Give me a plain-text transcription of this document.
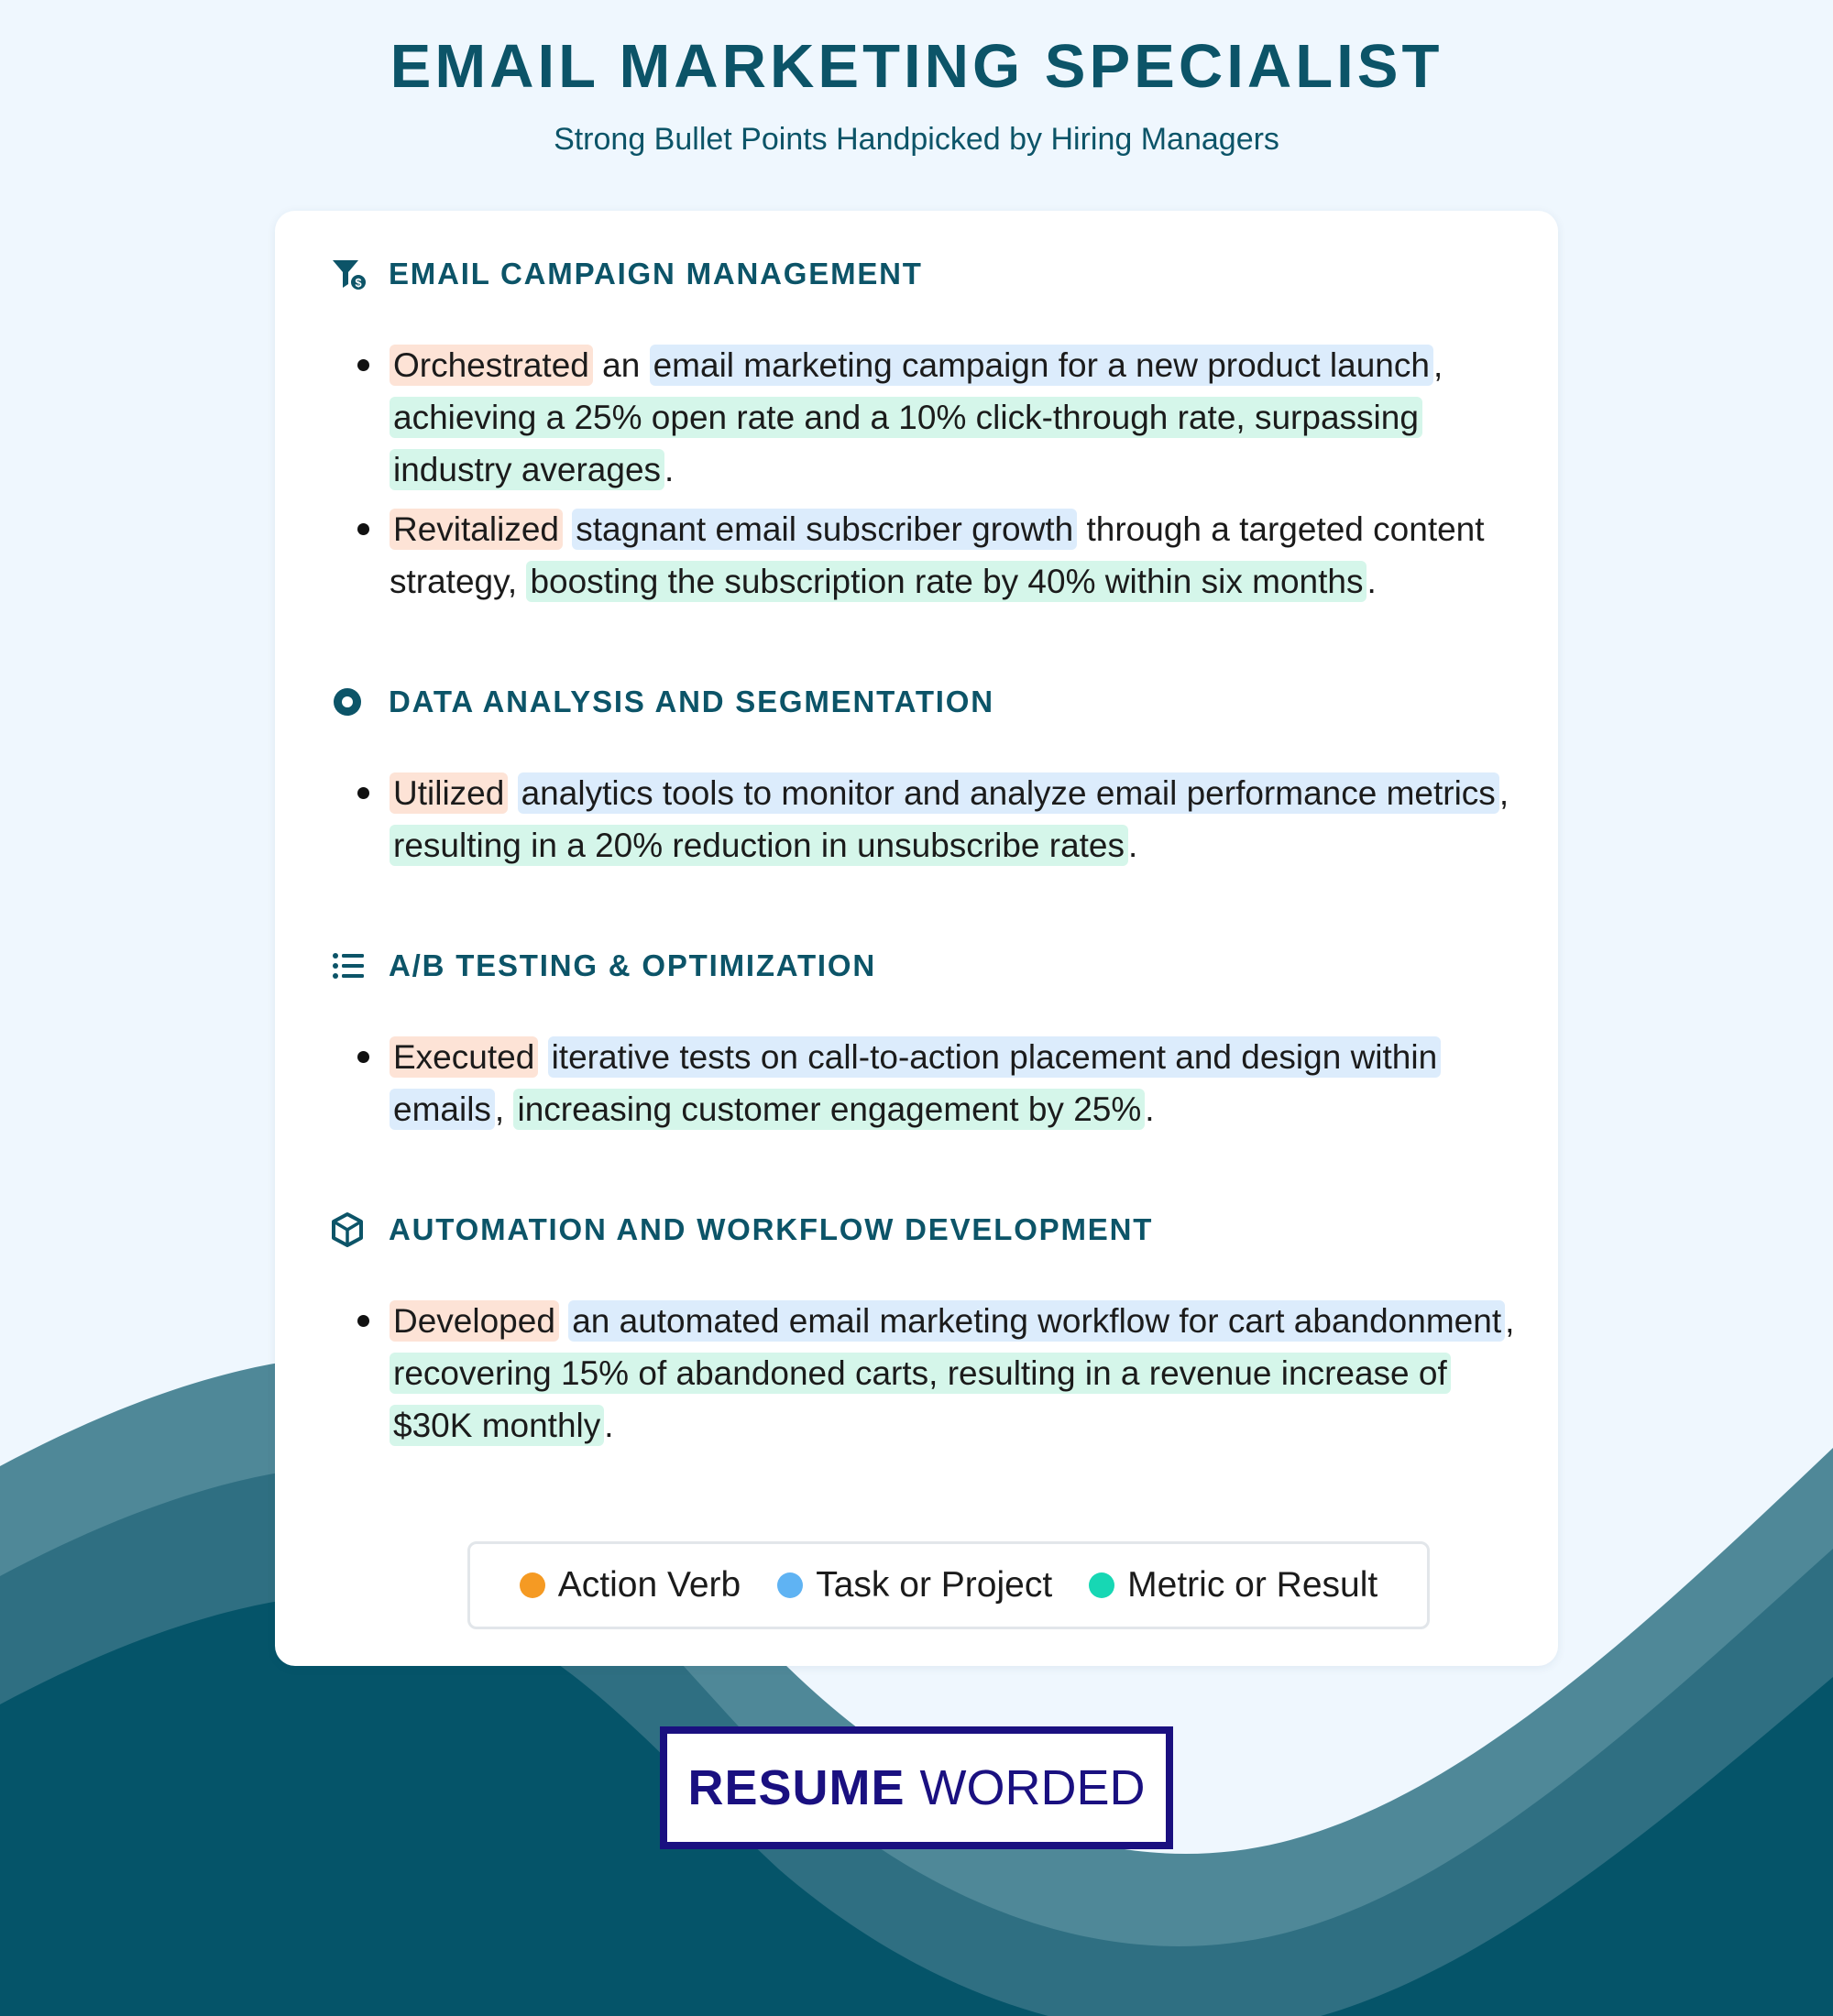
EMAIL MARKETING SPECIALIST
Strong Bullet Points Handpicked by Hiring Managers
$ EMAIL CAMPAIGN MANAGEMENT
Orchestrated an email marketing campaign for a new product launch , achieving a 25% open rate and a 10% click-through rate, surpassing industry averages .
Revitalized stagnant email subscriber growth through a targeted content strategy, boosting the subscription rate by 40% within six months .
DATA ANALYSIS AND SEGMENTATION
Utilized analytics tools to monitor and analyze email performance metrics , resulting in a 20% reduction in unsubscribe rates .
A/B TESTING & OPTIMIZATION
Executed iterative tests on call-to-action placement and design within emails , increasing customer engagement by 25% .
AUTOMATION AND WORKFLOW DEVELOPMENT
Developed an automated email marketing workflow for cart abandonment , recovering 15% of abandoned carts, resulting in a revenue increase of $30K monthly .
Action Verb Task or Project Metric or Result
RESUME WORDED
